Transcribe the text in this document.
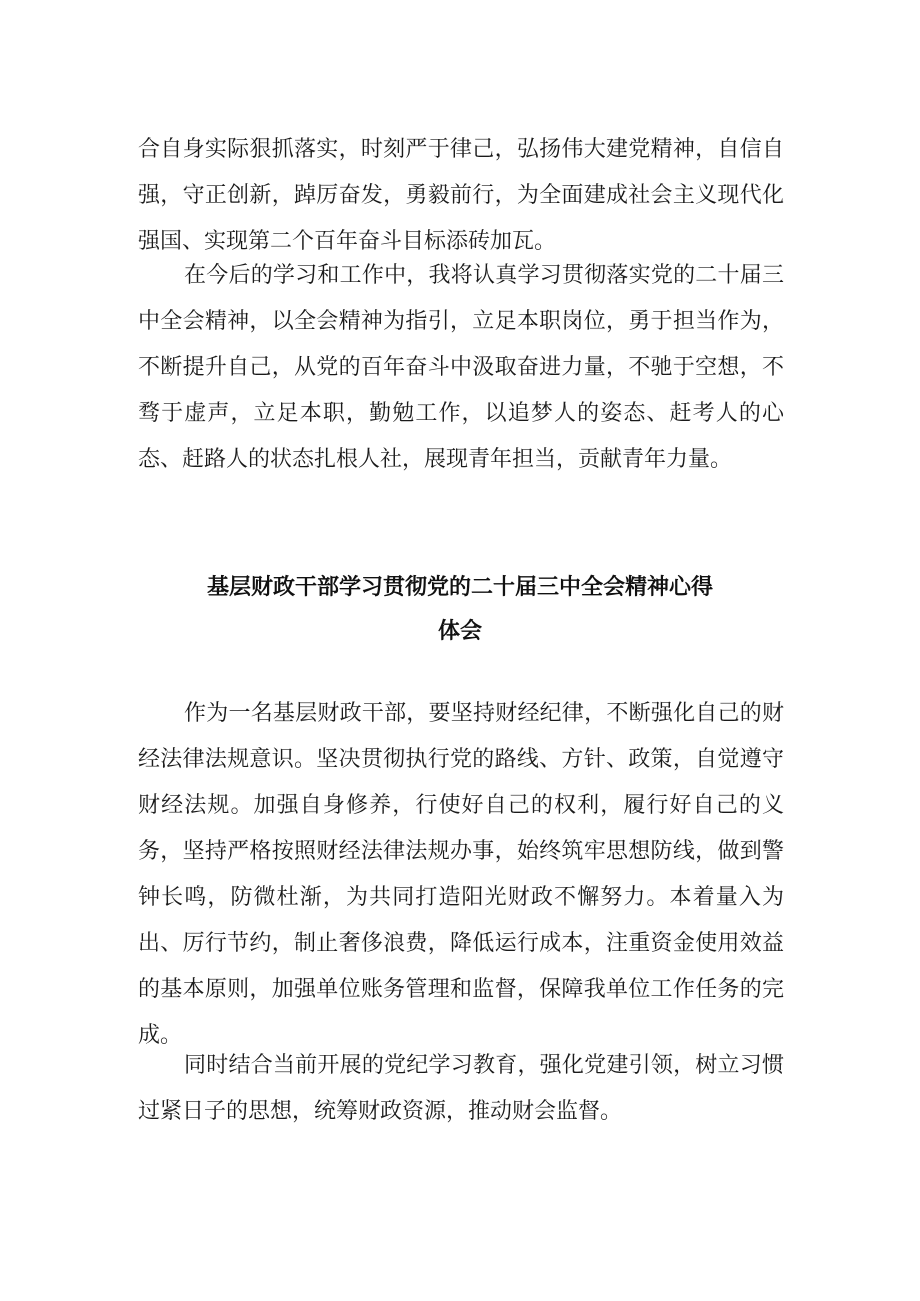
合自身实际狠抓落实，时刻严于律己，弘扬伟大建党精神，自信自强，守正创新，踔厉奋发，勇毅前行，为全面建成社会主义现代化强国、实现第二个百年奋斗目标添砖加瓦。

在今后的学习和工作中，我将认真学习贯彻落实党的二十届三中全会精神，以全会精神为指引，立足本职岗位，勇于担当作为，不断提升自己，从党的百年奋斗中汲取奋进力量，不驰于空想，不骛于虚声，立足本职，勤勉工作，以追梦人的姿态、赶考人的心态、赶路人的状态扎根人社，展现青年担当，贡献青年力量。

基层财政干部学习贯彻党的二十届三中全会精神心得
体会

作为一名基层财政干部，要坚持财经纪律，不断强化自己的财经法律法规意识。坚决贯彻执行党的路线、方针、政策，自觉遵守财经法规。加强自身修养，行使好自己的权利，履行好自己的义务，坚持严格按照财经法律法规办事，始终筑牢思想防线，做到警钟长鸣，防微杜渐，为共同打造阳光财政不懈努力。本着量入为出、厉行节约，制止奢侈浪费，降低运行成本，注重资金使用效益的基本原则，加强单位账务管理和监督，保障我单位工作任务的完成。

同时结合当前开展的党纪学习教育，强化党建引领，树立习惯过紧日子的思想，统筹财政资源，推动财会监督。
